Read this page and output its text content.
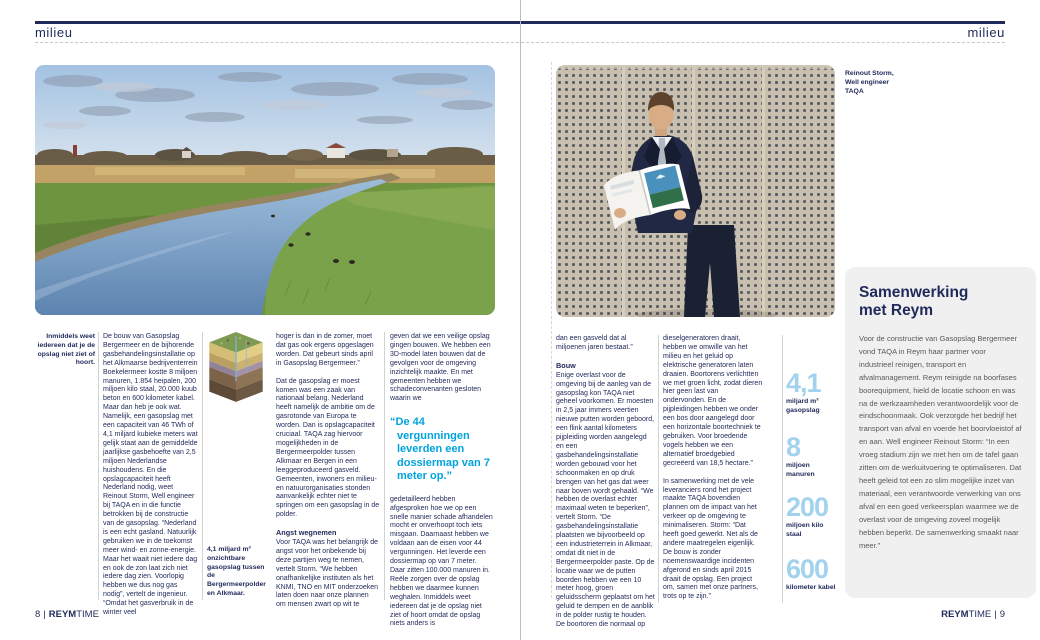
milieu	milieu
Inmiddels weet iedereen dat je de opslag niet ziet of hoort.

De bouw van Gasopslag Bergermeer en de bijhorende gasbehandelingsinstallatie op het Alkmaarse bedrijventerrein Boekelermeer kostte 8 miljoen manuren, 1.854 heipalen, 200 miljoen kilo staal, 20.000 kuub beton en 600 kilometer kabel. Maar dan heb je ook wat. Namelijk, een gasopslag met een capaciteit van 46 TWh of 4,1 miljard kubieke meters wat gelijk staat aan de gemiddelde jaarlijkse gasbehoefte van 2,5 miljoen Nederlandse huishoudens. En die opslagcapaciteit heeft Nederland nodig, weet Reinout Storm, Well engineer bij TAQA en in die functie betrokken bij de constructie van de gasopslag. “Nederland is een echt gasland. Natuurlijk gebruiken we in de toekomst meer wind- en zonne-energie. Maar het waait niet iedere dag en ook de zon laat zich niet iedere dag zien. Voorlopig hebben we dus nog gas nodig”, vertelt de ingenieur. “Omdat het gasverbruik in de winter veel

4,1 miljard m³ onzichtbare gasopslag tussen de Bergermeerpolder en Alkmaar.

hoger is dan in de zomer, moet dat gas ook ergens opgeslagen worden. Dat gebeurt sinds april in Gasopslag Bergermeer.”

Dat de gasopslag er moest komen was een zaak van nationaal belang. Nederland heeft namelijk de ambitie om de gasrotonde van Europa te worden. Dan is opslagcapaciteit cruciaal. TAQA zag hiervoor mogelijkheden in de Bergermeerpolder tussen Alkmaar en Bergen in een leeggeproduceerd gasveld. Gemeenten, inwoners en milieu- en natuurorganisaties stonden aanvankelijk echter niet te springen om een gasopslag in de polder.

Angst wegnemen

Voor TAQA was het belangrijk de angst voor het onbekende bij deze partijen weg te nemen, vertelt Storm. “We hebben onafhankelijke instituten als het KNMI, TNO en MIT onderzoeken laten doen naar onze plannen om mensen zwart op wit te

geven dat we een veilige opslag gingen bouwen. We hebben een 3D-model laten bouwen dat de gevolgen voor de omgeving inzichtelijk maakte. En met gemeenten hebben we schadeconvenanten gesloten waarin we

“De 44 vergunningen leverden een dossiermap van 7 meter op.”

gedetailleerd hebben afgesproken hoe we op een snelle manier schade afhandelen mocht er onverhoopt toch iets misgaan. Daarnaast hebben we voldaan aan de eisen voor 44 vergunningen. Het leverde een dossiermap op van 7 meter. Daar zitten 100.000 manuren in. Reële zorgen over de opslag hebben we daarmee kunnen weghalen. Inmiddels weet iedereen dat je de opslag niet ziet of hoort omdat de opslag niets anders is

8 | REYMTIME
Reinout Storm,
Well engineer
TAQA

dan een gasveld dat al miljoenen jaren bestaat.”

Bouw

Enige overlast voor de omgeving bij de aanleg van de gasopslag kon TAQA niet geheel voorkomen. Er moesten in 2,5 jaar immers veertien nieuwe putten worden geboord, een flink aantal kilometers pijpleiding worden aangelegd en een gasbehandelingsinstallatie worden gebouwd voor het schoonmaken en op druk brengen van het gas dat weer naar boven wordt gehaald. “We hebben de overlast echter maximaal weten te beperken”, vertelt Storm. “De gasbehandelingsinstallatie plaatsten we bijvoorbeeld op een industrieterrein in Alkmaar, omdat dit niet in de Bergermeerpolder paste. Op de locatie waar we de putten boorden hebben we een 10 meter hoog, groen geluidsscherm geplaatst om het geluid te dempen en de aanblik in de polder rustig te houden. De boortoren die normaal op

dieselgeneratoren draait, hebben we omwille van het milieu en het geluid op elektrische generatoren laten draaien. Boortorens verlichtten we met groen licht, zodat dieren hier geen last van ondervonden. En de pijpleidingen hebben we onder een bos door aangelegd door een horizontale boortechniek te gebruiken. Voor broedende vogels hebben we een alternatief broedgebied gecreëerd van 18,5 hectare.”

In samenwerking met de vele leveranciers rond het project maakte TAQA bovendien plannen om de impact van het verkeer op de omgeving te minimaliseren. Storm: “Dat heeft goed gewerkt. Net als de andere maatregelen eigenlijk. De bouw is zonder noemenswaardige incidenten afgerond en sinds april 2015 draait de opslag. Een project om, samen met onze partners, trots op te zijn.”

4,1
miljard m³ gasopslag
8
miljoen manuren
200
miljoen kilo staal
600
kilometer kabel
Samenwerking
met Reym
Voor de constructie van Gasopslag Bergermeer vond TAQA in Reym haar partner voor industrieel reinigen, transport en afvalmanagement. Reym reinigde na boorfases boorequipment, hield de locatie schoon en was na de werkzaamheden verantwoordelijk voor de eindschoonmaak. Ook verzorgde het bedrijf het transport van afval en voerde het boorvloeistof af en aan. Well engineer Reinout Storm: “In een vroeg stadium zijn we met hen om de tafel gaan zitten om de werkuitvoering te optimaliseren. Dat heeft geleid tot een zo slim mogelijke inzet van materiaal, een verantwoorde verwerking van ons afval en een goed verkeersplan waarmee we de overlast voor de omgeving zoveel mogelijk hebben beperkt. De samenwerking smaakt naar meer.”
REYMTIME | 9
